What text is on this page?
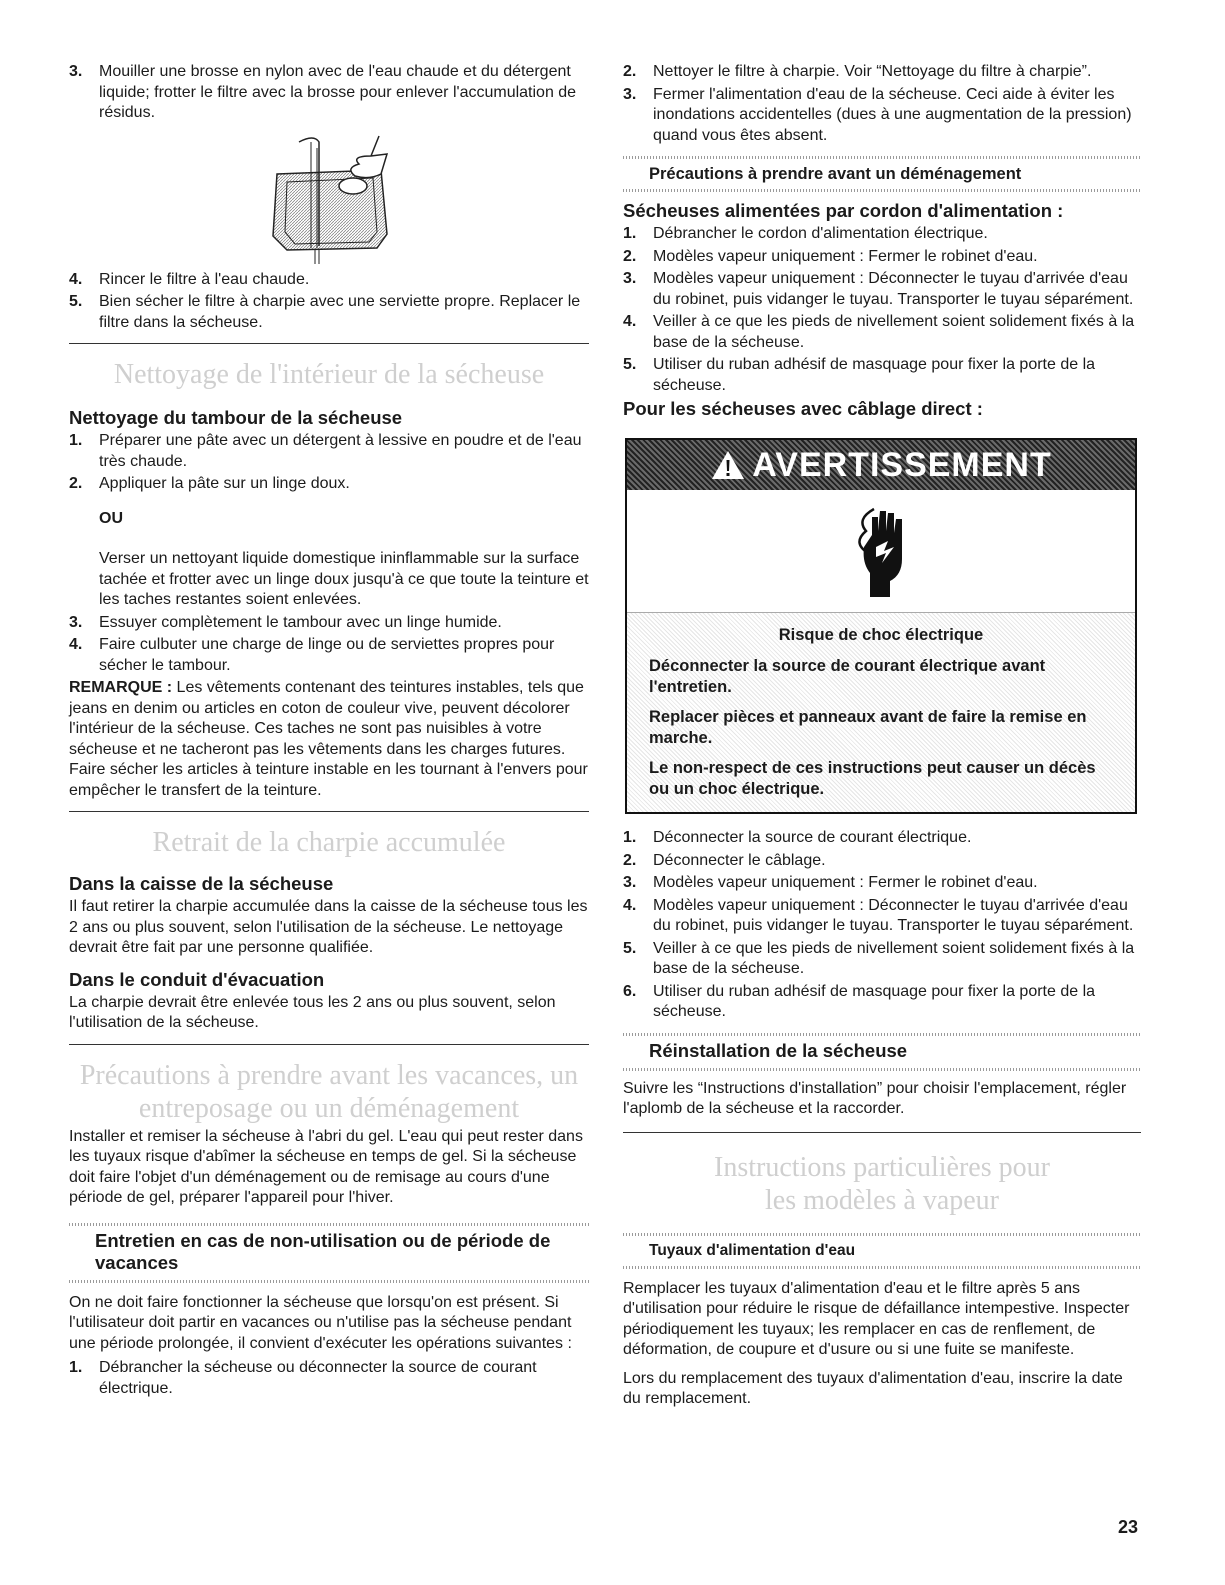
3. Mouiller une brosse en nylon avec de l'eau chaude et du détergent liquide; frotter le filtre avec la brosse pour enlever l'accumulation de résidus.
4. Rincer le filtre à l'eau chaude.
5. Bien sécher le filtre à charpie avec une serviette propre. Replacer le filtre dans la sécheuse.
Nettoyage de l'intérieur de la sécheuse
Nettoyage du tambour de la sécheuse
1. Préparer une pâte avec un détergent à lessive en poudre et de l'eau très chaude.
2. Appliquer la pâte sur un linge doux.

OU

Verser un nettoyant liquide domestique ininflammable sur la surface tachée et frotter avec un linge doux jusqu'à ce que toute la teinture et les taches restantes soient enlevées.

3. Essuyer complètement le tambour avec un linge humide.
4. Faire culbuter une charge de linge ou de serviettes propres pour sécher le tambour.

REMARQUE : Les vêtements contenant des teintures instables, tels que jeans en denim ou articles en coton de couleur vive, peuvent décolorer l'intérieur de la sécheuse. Ces taches ne sont pas nuisibles à votre sécheuse et ne tacheront pas les vêtements dans les charges futures. Faire sécher les articles à teinture instable en les tournant à l'envers pour empêcher le transfert de la teinture.

Retrait de la charpie accumulée
Dans la caisse de la sécheuse

Il faut retirer la charpie accumulée dans la caisse de la sécheuse tous les 2 ans ou plus souvent, selon l'utilisation de la sécheuse. Le nettoyage devrait être fait par une personne qualifiée.

Dans le conduit d'évacuation

La charpie devrait être enlevée tous les 2 ans ou plus souvent, selon l'utilisation de la sécheuse.

Précautions à prendre avant les vacances, un
entreposage ou un déménagement

Installer et remiser la sécheuse à l'abri du gel. L'eau qui peut rester dans les tuyaux risque d'abîmer la sécheuse en temps de gel. Si la sécheuse doit faire l'objet d'un déménagement ou de remisage au cours d'une période de gel, préparer l'appareil pour l'hiver.

Entretien en cas de non-utilisation ou de période de vacances

On ne doit faire fonctionner la sécheuse que lorsqu'on est présent. Si l'utilisateur doit partir en vacances ou n'utilise pas la sécheuse pendant une période prolongée, il convient d'exécuter les opérations suivantes :

1. Débrancher la sécheuse ou déconnecter la source de courant électrique.
2. Nettoyer le filtre à charpie. Voir “Nettoyage du filtre à charpie”.
3. Fermer l'alimentation d'eau de la sécheuse. Ceci aide à éviter les inondations accidentelles (dues à une augmentation de la pression) quand vous êtes absent.
Précautions à prendre avant un déménagement
Sécheuses alimentées par cordon d'alimentation :
1. Débrancher le cordon d'alimentation électrique.
2. Modèles vapeur uniquement : Fermer le robinet d'eau.
3. Modèles vapeur uniquement : Déconnecter le tuyau d'arrivée d'eau du robinet, puis vidanger le tuyau. Transporter le tuyau séparément.
4. Veiller à ce que les pieds de nivellement soient solidement fixés à la base de la sécheuse.
5. Utiliser du ruban adhésif de masquage pour fixer la porte de la sécheuse.
Pour les sécheuses avec câblage direct :
AVERTISSEMENT

Risque de choc électrique

Déconnecter la source de courant électrique avant l'entretien.

Replacer pièces et panneaux avant de faire la remise en marche.

Le non-respect de ces instructions peut causer un décès ou un choc électrique.

1. Déconnecter la source de courant électrique.
2. Déconnecter le câblage.
3. Modèles vapeur uniquement : Fermer le robinet d'eau.
4. Modèles vapeur uniquement : Déconnecter le tuyau d'arrivée d'eau du robinet, puis vidanger le tuyau. Transporter le tuyau séparément.
5. Veiller à ce que les pieds de nivellement soient solidement fixés à la base de la sécheuse.
6. Utiliser du ruban adhésif de masquage pour fixer la porte de la sécheuse.
Réinstallation de la sécheuse

Suivre les “Instructions d'installation” pour choisir l'emplacement, régler l'aplomb de la sécheuse et la raccorder.

Instructions particulières pour
les modèles à vapeur
Tuyaux d'alimentation d'eau

Remplacer les tuyaux d'alimentation d'eau et le filtre après 5 ans d'utilisation pour réduire le risque de défaillance intempestive. Inspecter périodiquement les tuyaux; les remplacer en cas de renflement, de déformation, de coupure et d'usure ou si une fuite se manifeste.

Lors du remplacement des tuyaux d'alimentation d'eau, inscrire la date du remplacement.

23
